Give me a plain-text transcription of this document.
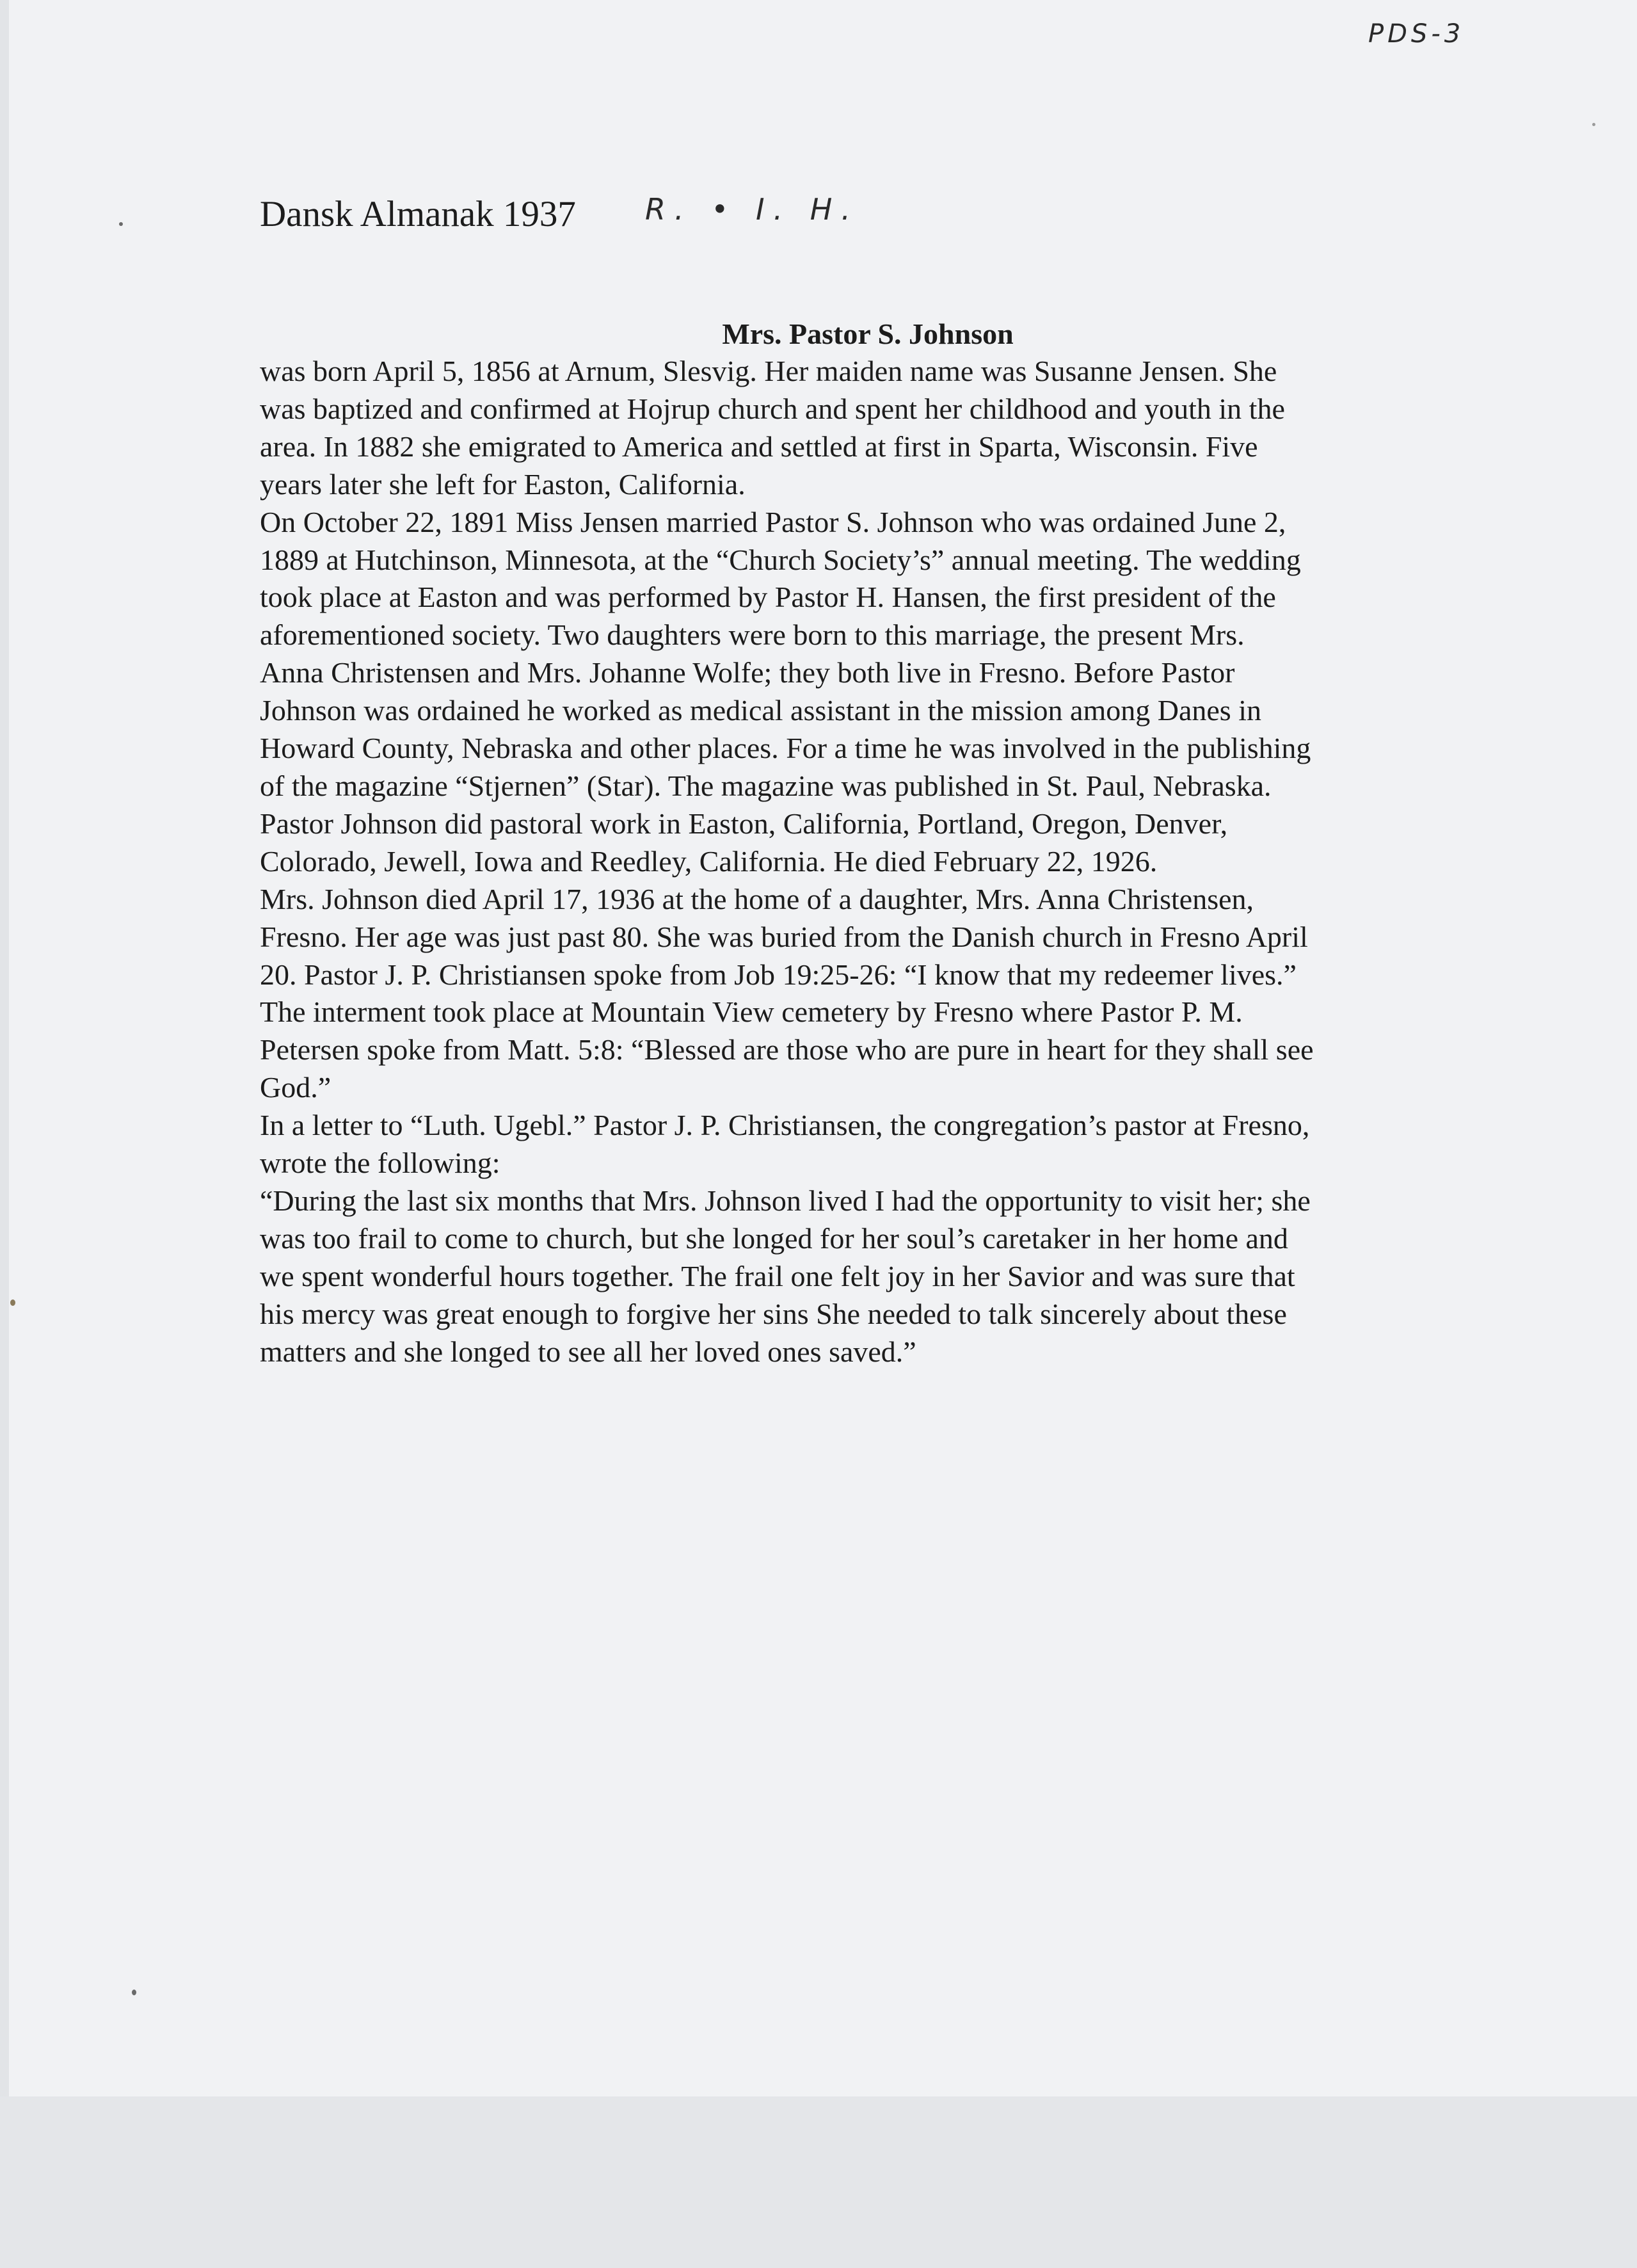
PDS-3
Dansk Almanak 1937 R. • I. H.
Mrs. Pastor S. Johnson
was born April 5, 1856 at Arnum, Slesvig. Her maiden name was Susanne Jensen. She
was baptized and confirmed at Hojrup church and spent her childhood and youth in the
area. In 1882 she emigrated to America and settled at first in Sparta, Wisconsin. Five
years later she left for Easton, California.
On October 22, 1891 Miss Jensen married Pastor S. Johnson who was ordained June 2,
1889 at Hutchinson, Minnesota, at the “Church Society’s” annual meeting. The wedding
took place at Easton and was performed by Pastor H. Hansen, the first president of the
aforementioned society. Two daughters were born to this marriage, the present Mrs.
Anna Christensen and Mrs. Johanne Wolfe; they both live in Fresno. Before Pastor
Johnson was ordained he worked as medical assistant in the mission among Danes in
Howard County, Nebraska and other places. For a time he was involved in the publishing
of the magazine “Stjernen” (Star). The magazine was published in St. Paul, Nebraska.
Pastor Johnson did pastoral work in Easton, California, Portland, Oregon, Denver,
Colorado, Jewell, Iowa and Reedley, California. He died February 22, 1926.
Mrs. Johnson died April 17, 1936 at the home of a daughter, Mrs. Anna Christensen,
Fresno. Her age was just past 80. She was buried from the Danish church in Fresno April
20. Pastor J. P. Christiansen spoke from Job 19:25-26: “I know that my redeemer lives.”
The interment took place at Mountain View cemetery by Fresno where Pastor P. M.
Petersen spoke from Matt. 5:8: “Blessed are those who are pure in heart for they shall see
God.”
In a letter to “Luth. Ugebl.” Pastor J. P. Christiansen, the congregation’s pastor at Fresno,
wrote the following:
“During the last six months that Mrs. Johnson lived I had the opportunity to visit her; she
was too frail to come to church, but she longed for her soul’s caretaker in her home and
we spent wonderful hours together. The frail one felt joy in her Savior and was sure that
his mercy was great enough to forgive her sins She needed to talk sincerely about these
matters and she longed to see all her loved ones saved.”
